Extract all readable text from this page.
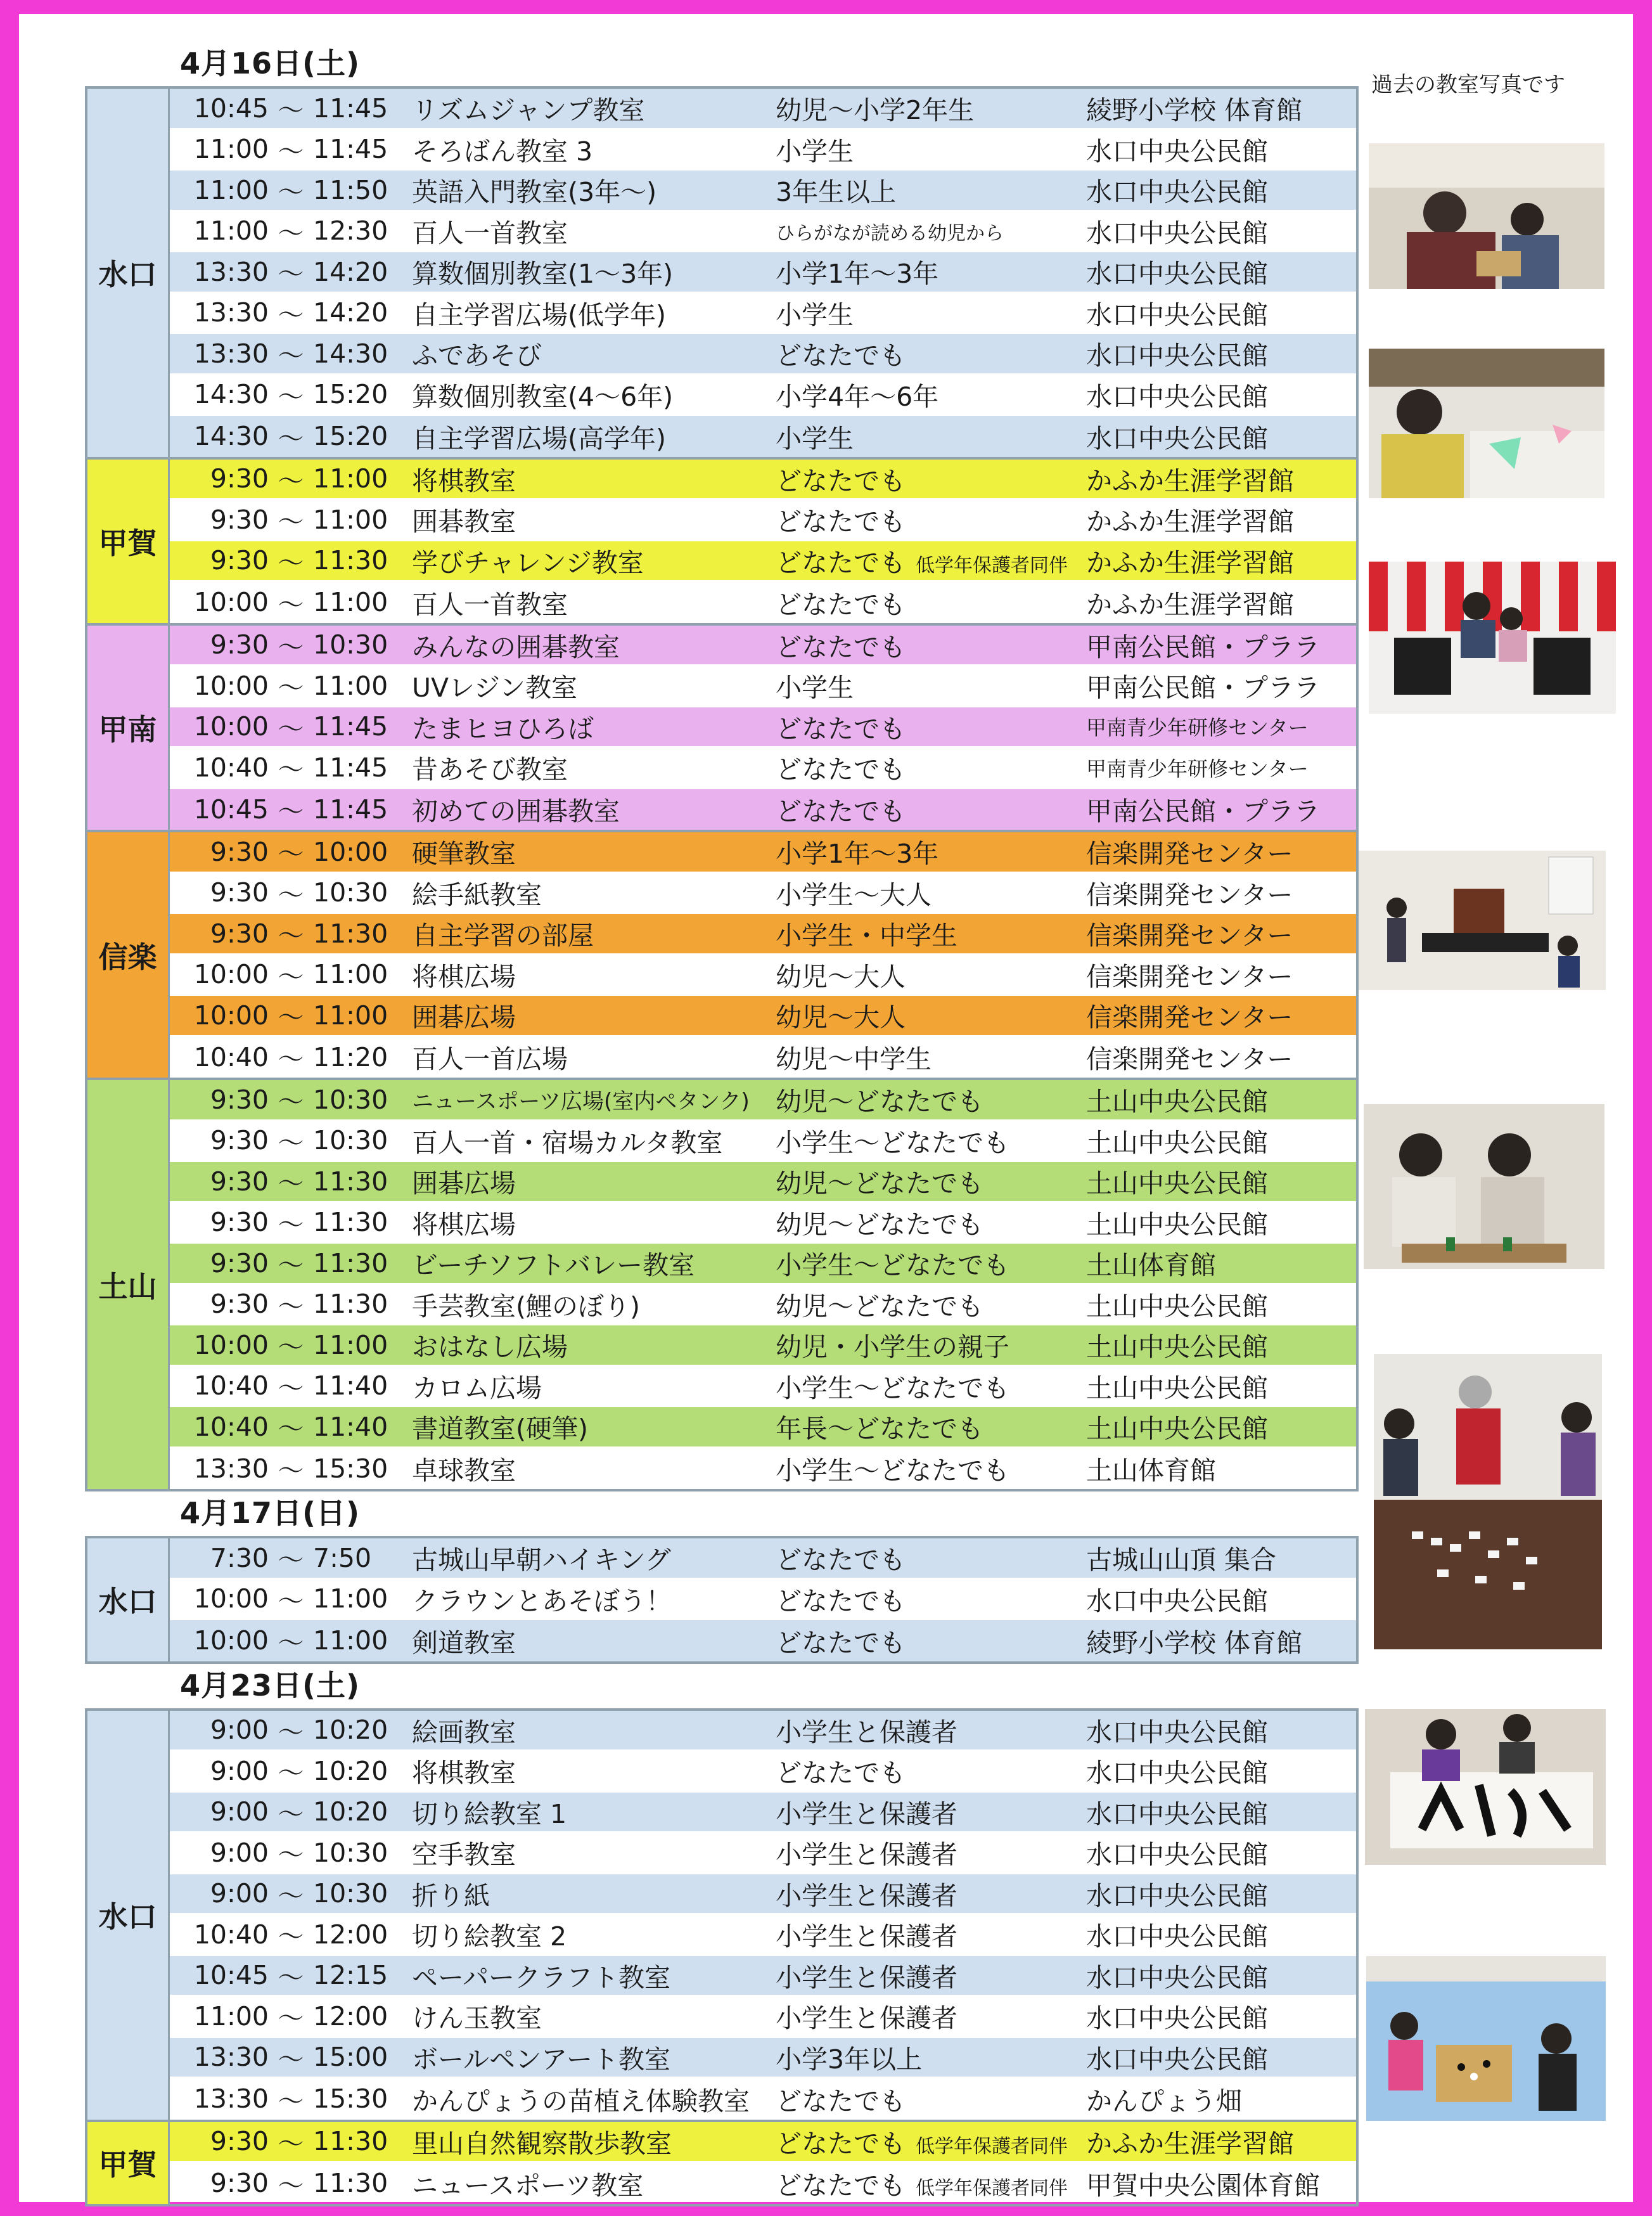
4月16日(土)
水口
10:45 ～ 11:45 リズムジャンプ教室	幼児～小学2年生	綾野小学校 体育館
11:00 ～ 11:45 そろばん教室 3	小学生	水口中央公民館
11:00 ～ 11:50 英語入門教室(3年～)	3年生以上	水口中央公民館
11:00 ～ 12:30 百人一首教室	ひらがなが読める幼児から	水口中央公民館
13:30 ～ 14:20 算数個別教室(1～3年)	小学1年～3年	水口中央公民館
13:30 ～ 14:20 自主学習広場(低学年)	小学生	水口中央公民館
13:30 ～ 14:30 ふであそび	どなたでも	水口中央公民館
14:30 ～ 15:20 算数個別教室(4～6年)	小学4年～6年	水口中央公民館
14:30 ～ 15:20 自主学習広場(高学年)	小学生	水口中央公民館
甲賀
9:30 ～ 11:00 将棋教室	どなたでも	かふか生涯学習館
9:30 ～ 11:00 囲碁教室	どなたでも	かふか生涯学習館
9:30 ～ 11:30 学びチャレンジ教室	どなたでも 低学年保護者同伴 かふか生涯学習館
10:00 ～ 11:00 百人一首教室	どなたでも	かふか生涯学習館
甲南
9:30 ～ 10:30 みんなの囲碁教室	どなたでも	甲南公民館・プララ
10:00 ～ 11:00 UVレジン教室	小学生	甲南公民館・プララ
10:00 ～ 11:45 たまヒヨひろば	どなたでも	甲南青少年研修センター
10:40 ～ 11:45 昔あそび教室	どなたでも	甲南青少年研修センター
10:45 ～ 11:45 初めての囲碁教室	どなたでも	甲南公民館・プララ
信楽
9:30 ～ 10:00 硬筆教室	小学1年～3年	信楽開発センター
9:30 ～ 10:30 絵手紙教室	小学生～大人	信楽開発センター
9:30 ～ 11:30 自主学習の部屋	小学生・中学生	信楽開発センター
10:00 ～ 11:00 将棋広場	幼児～大人	信楽開発センター
10:00 ～ 11:00 囲碁広場	幼児～大人	信楽開発センター
10:40 ～ 11:20 百人一首広場	幼児～中学生	信楽開発センター
土山
9:30 ～ 10:30	ニュースポーツ広場(室内ペタンク)	幼児～どなたでも	土山中央公民館
9:30 ～ 10:30 百人一首・宿場カルタ教室	小学生～どなたでも	土山中央公民館
9:30 ～ 11:30 囲碁広場	幼児～どなたでも	土山中央公民館
9:30 ～ 11:30 将棋広場	幼児～どなたでも	土山中央公民館
9:30 ～ 11:30 ビーチソフトバレー教室	小学生～どなたでも	土山体育館
9:30 ～ 11:30 手芸教室(鯉のぼり)	幼児～どなたでも	土山中央公民館
10:00 ～ 11:00 おはなし広場	幼児・小学生の親子	土山中央公民館
10:40 ～ 11:40 カロム広場	小学生～どなたでも	土山中央公民館
10:40 ～ 11:40 書道教室(硬筆)	年長～どなたでも	土山中央公民館
13:30 ～ 15:30 卓球教室	小学生～どなたでも	土山体育館
4月17日(日)
水口
7:30 ～ 7:50	古城山早朝ハイキング	どなたでも	古城山山頂 集合
10:00 ～ 11:00 クラウンとあそぼう！	どなたでも	水口中央公民館
10:00 ～ 11:00 剣道教室	どなたでも	綾野小学校 体育館
4月23日(土)
水口
9:00 ～ 10:20 絵画教室	小学生と保護者	水口中央公民館
9:00 ～ 10:20 将棋教室	どなたでも	水口中央公民館
9:00 ～ 10:20 切り絵教室 1	小学生と保護者	水口中央公民館
9:00 ～ 10:30 空手教室	小学生と保護者	水口中央公民館
9:00 ～ 10:30 折り紙	小学生と保護者	水口中央公民館
10:40 ～ 12:00 切り絵教室 2	小学生と保護者	水口中央公民館
10:45 ～ 12:15 ペーパークラフト教室	小学生と保護者	水口中央公民館
11:00 ～ 12:00 けん玉教室	小学生と保護者	水口中央公民館
13:30 ～ 15:00 ボールペンアート教室	小学3年以上	水口中央公民館
13:30 ～ 15:30 かんぴょうの苗植え体験教室	どなたでも	かんぴょう畑
甲賀
9:30 ～ 11:30 里山自然観察散歩教室	どなたでも 低学年保護者同伴 かふか生涯学習館
9:30 ～ 11:30 ニュースポーツ教室	どなたでも 低学年保護者同伴 甲賀中央公園体育館
過去の教室写真です
